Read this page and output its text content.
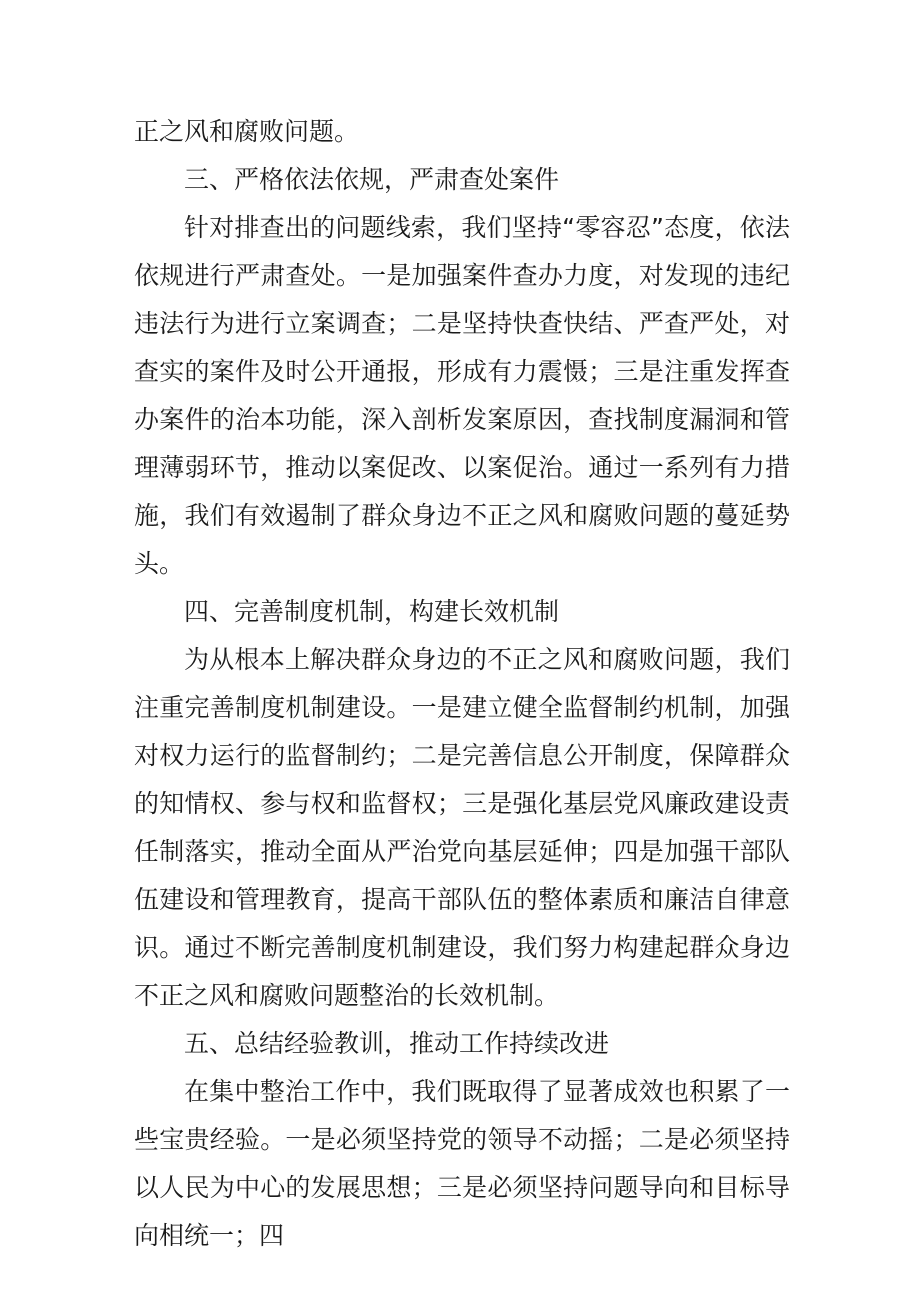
正之风和腐败问题。

三、严格依法依规，严肃查处案件

针对排查出的问题线索，我们坚持“零容忍”态度，依法依规进行严肃查处。一是加强案件查办力度，对发现的违纪违法行为进行立案调查；二是坚持快查快结、严查严处，对查实的案件及时公开通报，形成有力震慑；三是注重发挥查办案件的治本功能，深入剖析发案原因，查找制度漏洞和管理薄弱环节，推动以案促改、以案促治。通过一系列有力措施，我们有效遏制了群众身边不正之风和腐败问题的蔓延势头。

四、完善制度机制，构建长效机制

为从根本上解决群众身边的不正之风和腐败问题，我们注重完善制度机制建设。一是建立健全监督制约机制，加强对权力运行的监督制约；二是完善信息公开制度，保障群众的知情权、参与权和监督权；三是强化基层党风廉政建设责任制落实，推动全面从严治党向基层延伸；四是加强干部队伍建设和管理教育，提高干部队伍的整体素质和廉洁自律意识。通过不断完善制度机制建设，我们努力构建起群众身边不正之风和腐败问题整治的长效机制。

五、总结经验教训，推动工作持续改进

在集中整治工作中，我们既取得了显著成效也积累了一些宝贵经验。一是必须坚持党的领导不动摇；二是必须坚持以人民为中心的发展思想；三是必须坚持问题导向和目标导向相统一；四
